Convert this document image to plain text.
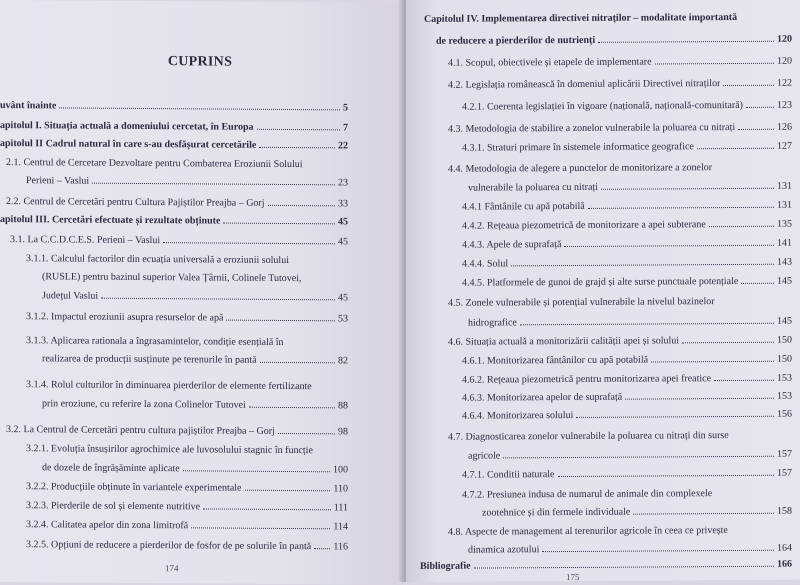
CUPRINS
uvânt înainte	5
apitolul I. Situația actuală a domeniului cercetat, în Europa	7
apitolul II Cadrul natural în care s-au desfășurat cercetările	22
2.1. Centrul de Cercetare Dezvoltare pentru Combaterea Eroziunii Solului
Perieni – Vaslui	23
2.2. Centrul de Cercetări pentru Cultura Pajiștilor Preajba – Gorj	33
apitolul III. Cercetări efectuate și rezultate obținute	45
3.1. La C.C.D.C.E.S. Perieni – Vaslui	45
3.1.1. Calculul factorilor din ecuația universală a eroziunii solului
(RUSLE) pentru bazinul superior Valea Țârnii, Colinele Tutovei,
Județul Vaslui	45
3.1.2. Impactul eroziunii asupra resurselor de apă	53
3.1.3. Aplicarea rationala a îngrasamintelor, condiție esențială în
realizarea de producții susținute pe terenurile în pantă	82
3.1.4. Rolul culturilor în diminuarea pierderilor de elemente fertilizante
prin eroziune, cu referire la zona Colinelor Tutovei	88
3.2. La Centrul de Cercetări pentru cultura pajiștilor Preajba – Gorj	98
3.2.1. Evoluția însușirilor agrochimice ale luvosolului stagnic în funcție
de dozele de îngrășăminte aplicate	100
3.2.2. Producțiile obținute în variantele experimentale	110
3.2.3. Pierderile de sol și elemente nutritive	111
3.2.4. Calitatea apelor din zona limitrofă	114
3.2.5. Opțiuni de reducere a pierderilor de fosfor de pe solurile în pantă 116
174
Capitolul IV. Implementarea directivei nitraților – modalitate importantă
de reducere a pierderilor de nutrienți	120
4.1. Scopul, obiectivele și etapele de implementare	120
4.2. Legislația românească în domeniul aplicării Directivei nitraților	122
4.2.1. Coerenta legislației în vigoare (națională, națională-comunitară)	123
4.3. Metodologia de stabilire a zonelor vulnerabile la poluarea cu nitrați	126
4.3.1. Straturi primare în sistemele informatice geografice	127
4.4. Metodologia de alegere a punctelor de monitorizare a zonelor
vulnerabile la poluarea cu nitrați	131
4.4.1 Fântânile cu apă potabilă	131
4.4.2. Rețeaua piezometrică de monitorizare a apei subterane	135
4.4.3. Apele de suprafață	141
4.4.4. Solul	143
4.4.5. Platformele de gunoi de grajd și alte surse punctuale potențiale	145
4.5. Zonele vulnerabile și potențial vulnerabile la nivelul bazinelor
hidrografice	145
4.6. Situația actuală a monitorizării calității apei și solului	150
4.6.1. Monitorizarea fântânilor cu apă potabilă	150
4.6.2. Rețeaua piezometrică pentru monitorizarea apei freatice	153
4.6.3. Monitorizarea apelor de suprafață	153
4.6.4. Monitorizarea solului	156
4.7. Diagnosticarea zonelor vulnerabile la poluarea cu nitrați din surse
agricole	157
4.7.1. Conditii naturale	157
4.7.2. Presiunea indusa de numarul de animale din complexele
zootehnice și din fermele individuale	158
4.8. Aspecte de management al terenurilor agricole în ceea ce privește
dinamica azotului	164
Bibliografie	166
175
